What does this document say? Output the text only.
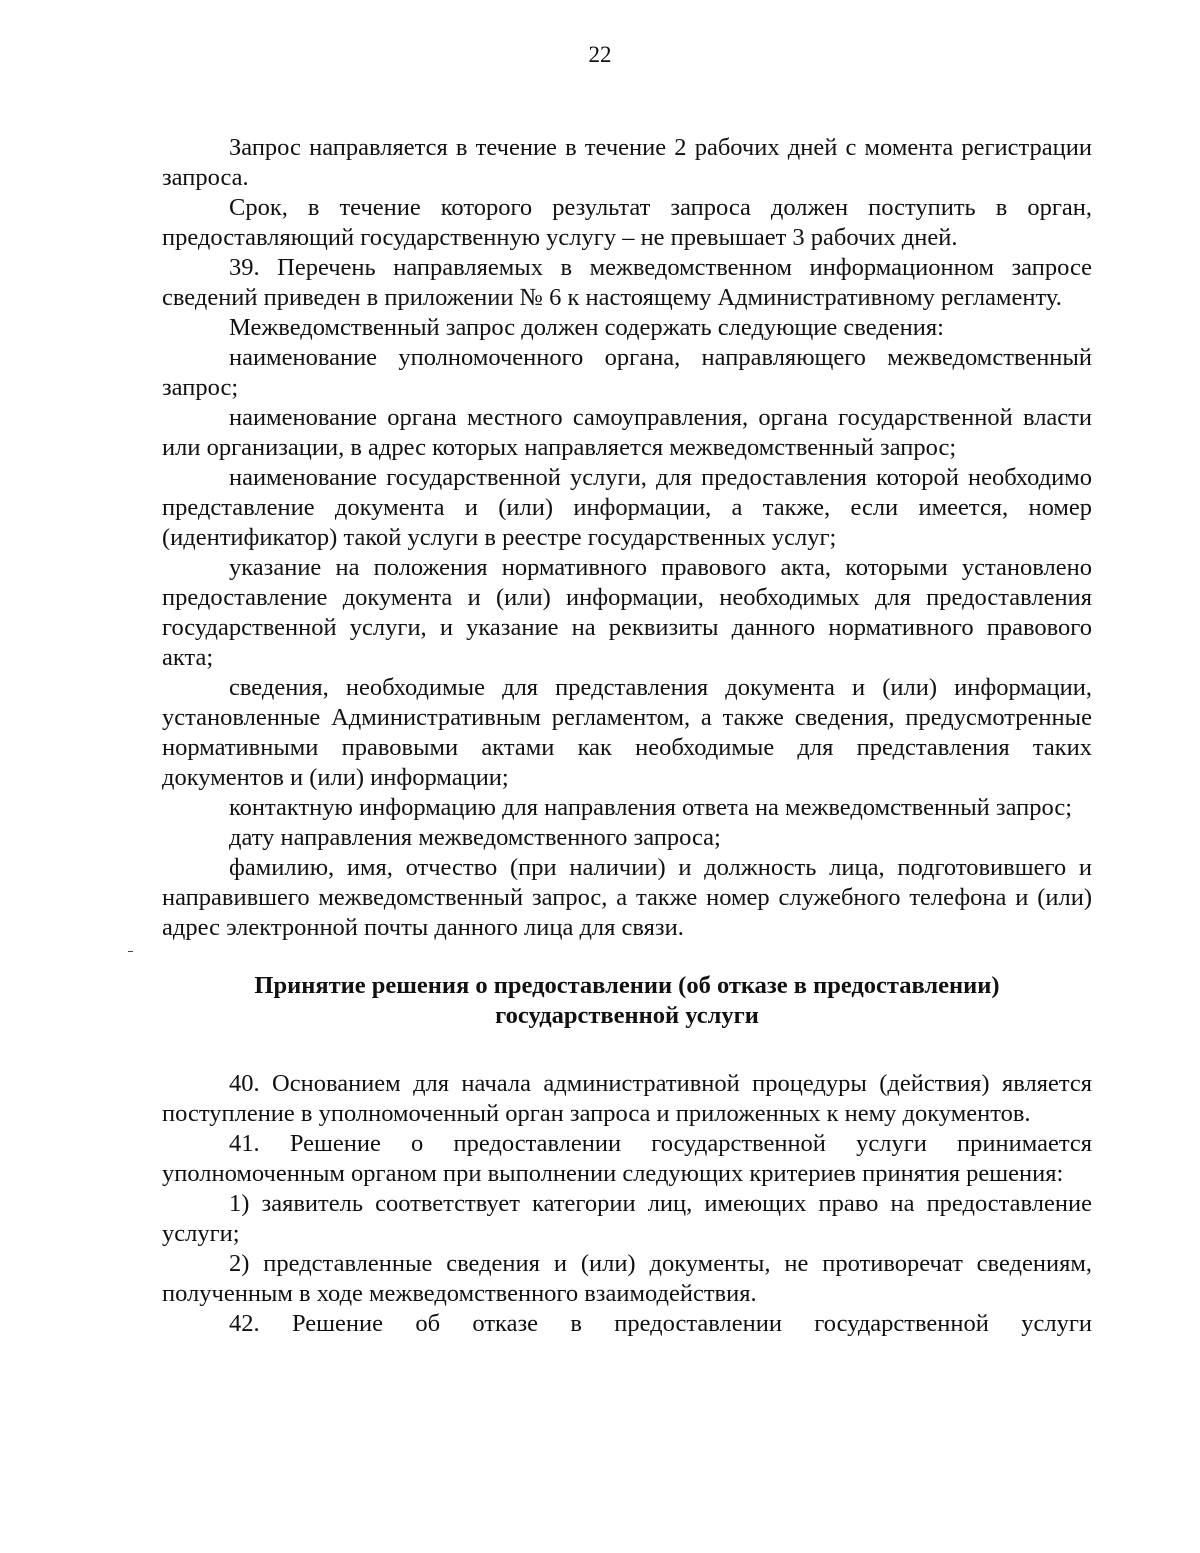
22

Запрос направляется в течение в течение 2 рабочих дней с момента регистрации запроса.

Срок, в течение которого результат запроса должен поступить в орган, предоставляющий государственную услугу – не превышает 3 рабочих дней.

39. Перечень направляемых в межведомственном информационном запросе сведений приведен в приложении № 6 к настоящему Административному регламенту.

Межведомственный запрос должен содержать следующие сведения:

наименование уполномоченного органа, направляющего межведомственный запрос;

наименование органа местного самоуправления, органа государственной власти или организации, в адрес которых направляется межведомственный запрос;

наименование государственной услуги, для предоставления которой необходимо представление документа и (или) информации, а также, если имеется, номер (идентификатор) такой услуги в реестре государственных услуг;

указание на положения нормативного правового акта, которыми установлено предоставление документа и (или) информации, необходимых для предоставления государственной услуги, и указание на реквизиты данного нормативного правового акта;

сведения, необходимые для представления документа и (или) информации, установленные Административным регламентом, а также сведения, предусмотренные нормативными правовыми актами как необходимые для представления таких документов и (или) информации;

контактную информацию для направления ответа на межведомственный запрос;

дату направления межведомственного запроса;

фамилию, имя, отчество (при наличии) и должность лица, подготовившего и направившего межведомственный запрос, а также номер служебного телефона и (или) адрес электронной почты данного лица для связи.

Принятие решения о предоставлении (об отказе в предоставлении)
государственной услуги

40. Основанием для начала административной процедуры (действия) является поступление в уполномоченный орган запроса и приложенных к нему документов.

41. Решение о предоставлении государственной услуги принимается уполномоченным органом при выполнении следующих критериев принятия решения:

1) заявитель соответствует категории лиц, имеющих право на предоставление услуги;

2) представленные сведения и (или) документы, не противоречат сведениям, полученным в ходе межведомственного взаимодействия.

42. Решение об отказе в предоставлении государственной услуги
